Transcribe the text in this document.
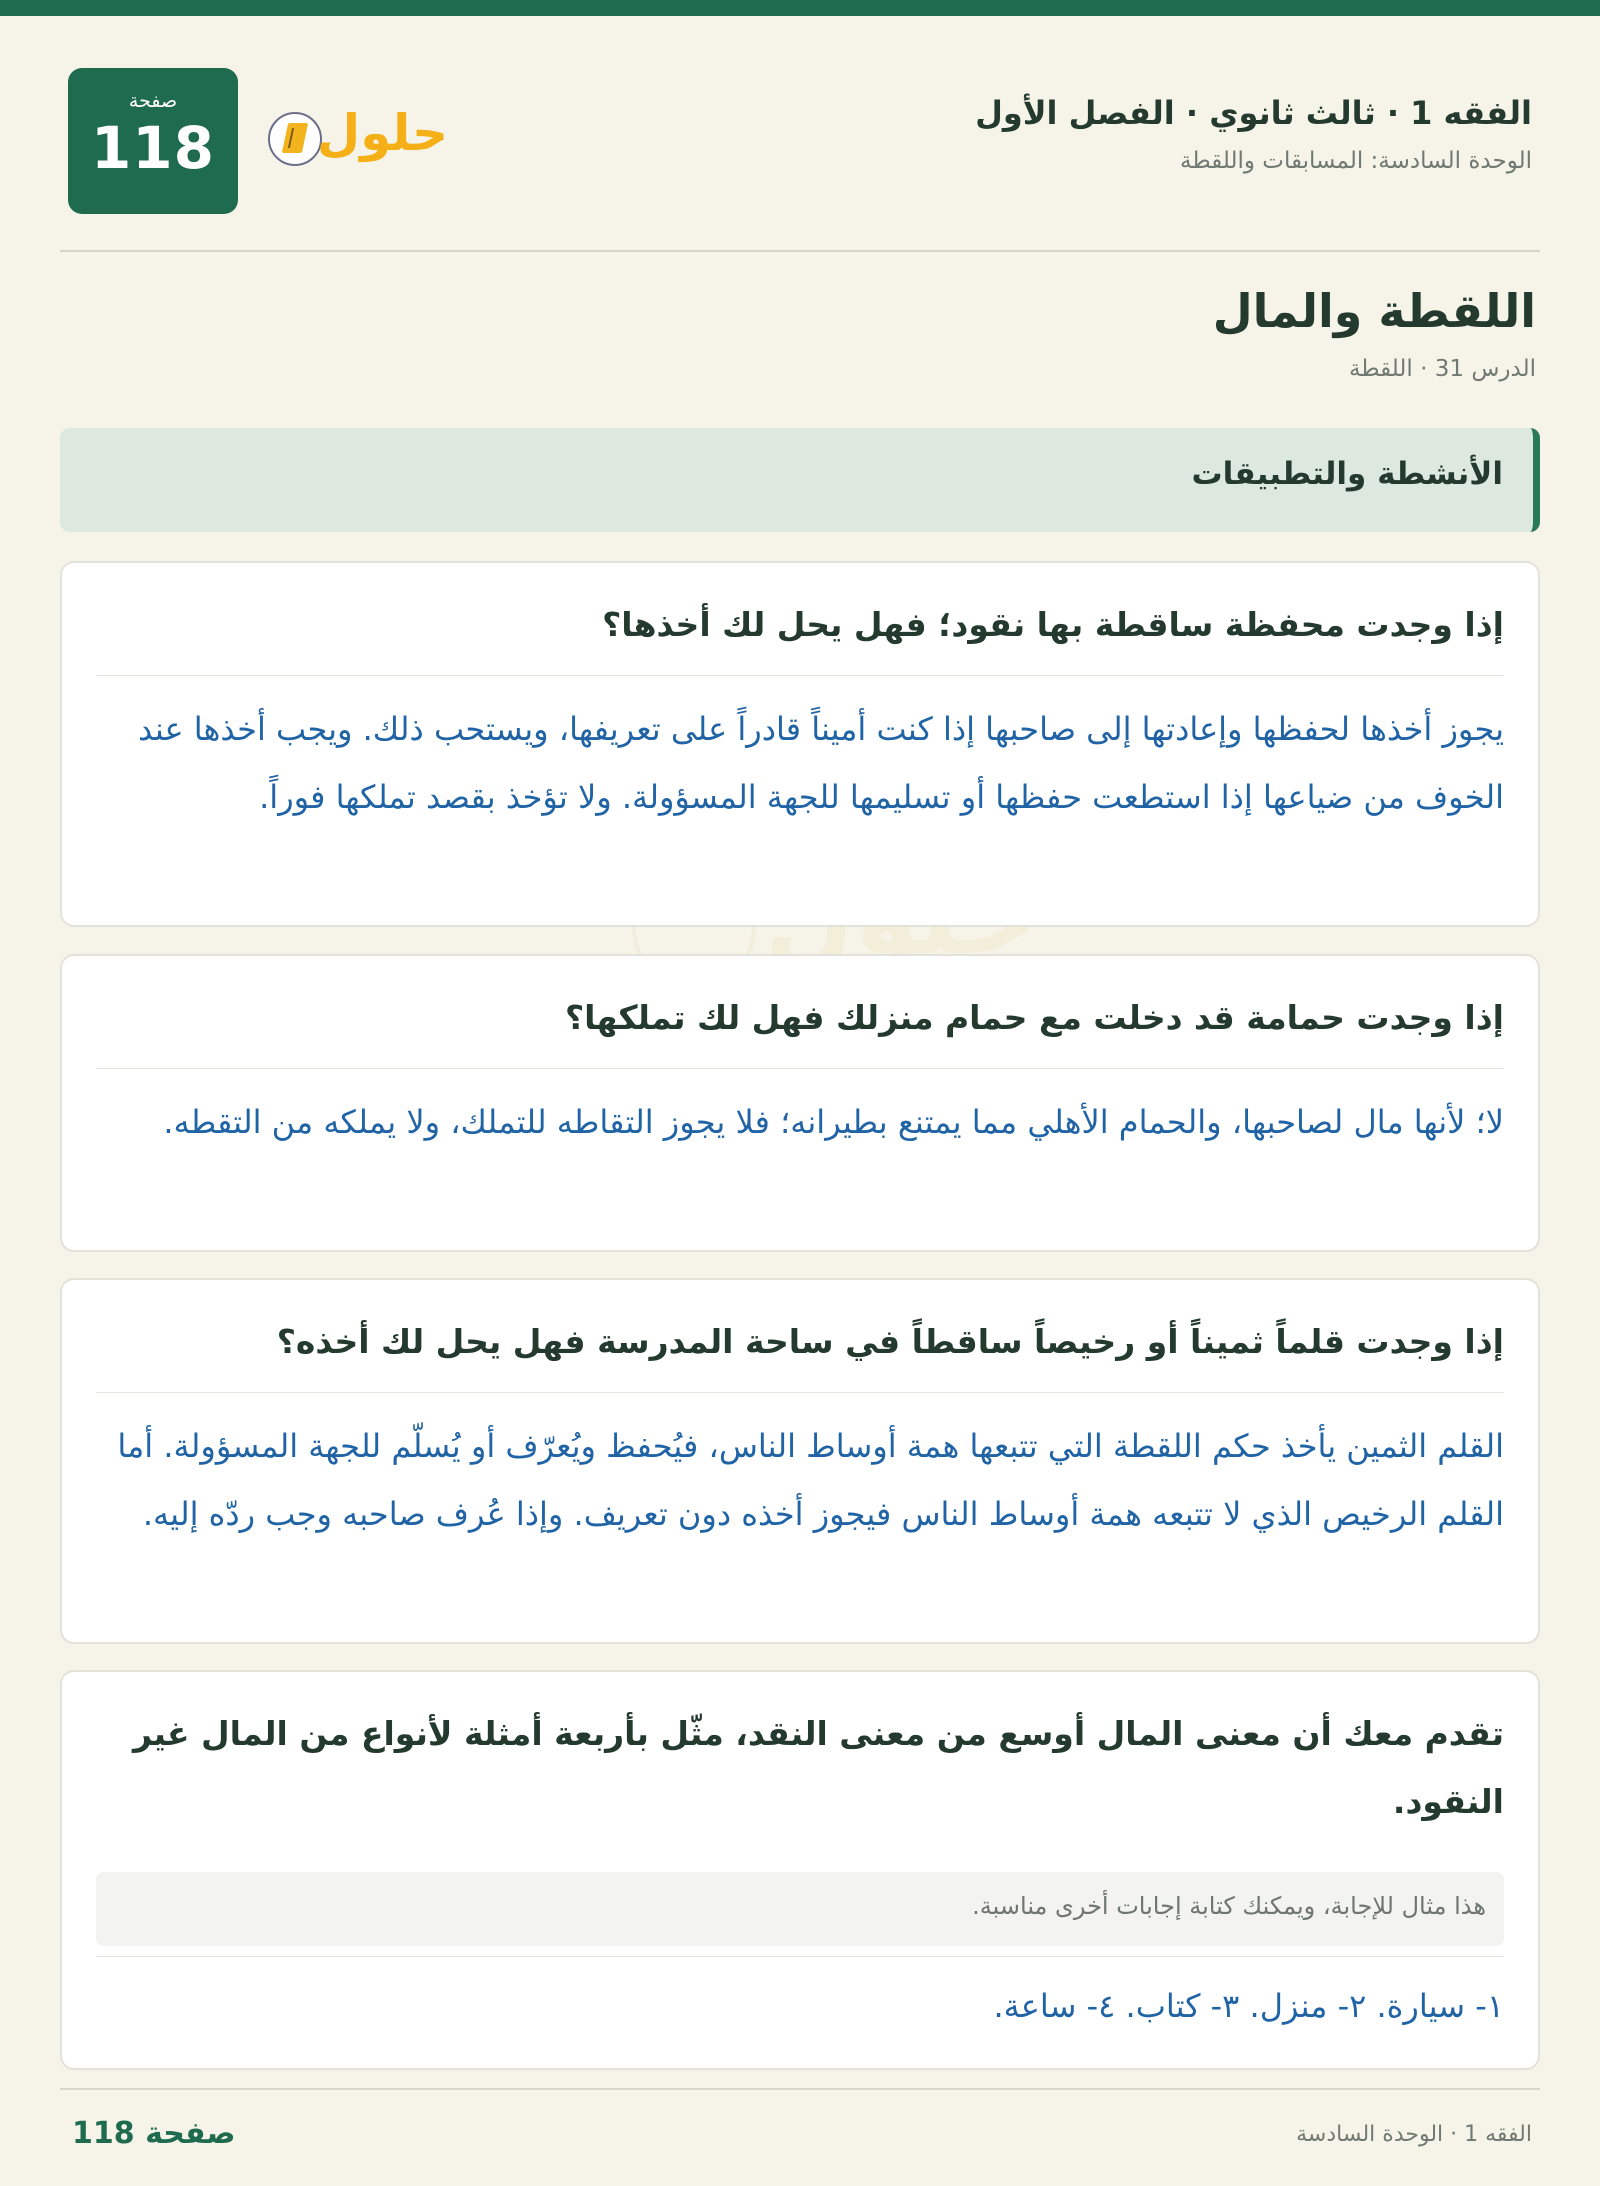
صفحة
118	حلول	الفقه 1 · ثالث ثانوي · الفصل الأول
الوحدة السادسة: المسابقات واللقطة
اللقطة والمال
الدرس 31 · اللقطة
الأنشطة والتطبيقات
إذا وجدت محفظة ساقطة بها نقود؛ فهل يحل لك أخذها؟
يجوز أخذها لحفظها وإعادتها إلى صاحبها إذا كنت أميناً قادراً على تعريفها، ويستحب ذلك. ويجب أخذها عند الخوف من ضياعها إذا استطعت حفظها أو تسليمها للجهة المسؤولة. ولا تؤخذ بقصد تملكها فوراً.
إذا وجدت حمامة قد دخلت مع حمام منزلك فهل لك تملكها؟
لا؛ لأنها مال لصاحبها، والحمام الأهلي مما يمتنع بطيرانه؛ فلا يجوز التقاطه للتملك، ولا يملكه من التقطه.
إذا وجدت قلماً ثميناً أو رخيصاً ساقطاً في ساحة المدرسة فهل يحل لك أخذه؟
القلم الثمين يأخذ حكم اللقطة التي تتبعها همة أوساط الناس، فيُحفظ ويُعرّف أو يُسلّم للجهة المسؤولة. أما القلم الرخيص الذي لا تتبعه همة أوساط الناس فيجوز أخذه دون تعريف. وإذا عُرف صاحبه وجب ردّه إليه.
تقدم معك أن معنى المال أوسع من معنى النقد، مثّل بأربعة أمثلة لأنواع من المال غير النقود.
هذا مثال للإجابة، ويمكنك كتابة إجابات أخرى مناسبة.
١- سيارة. ٢- منزل. ٣- كتاب. ٤- ساعة.
صفحة 118	الفقه 1 · الوحدة السادسة
